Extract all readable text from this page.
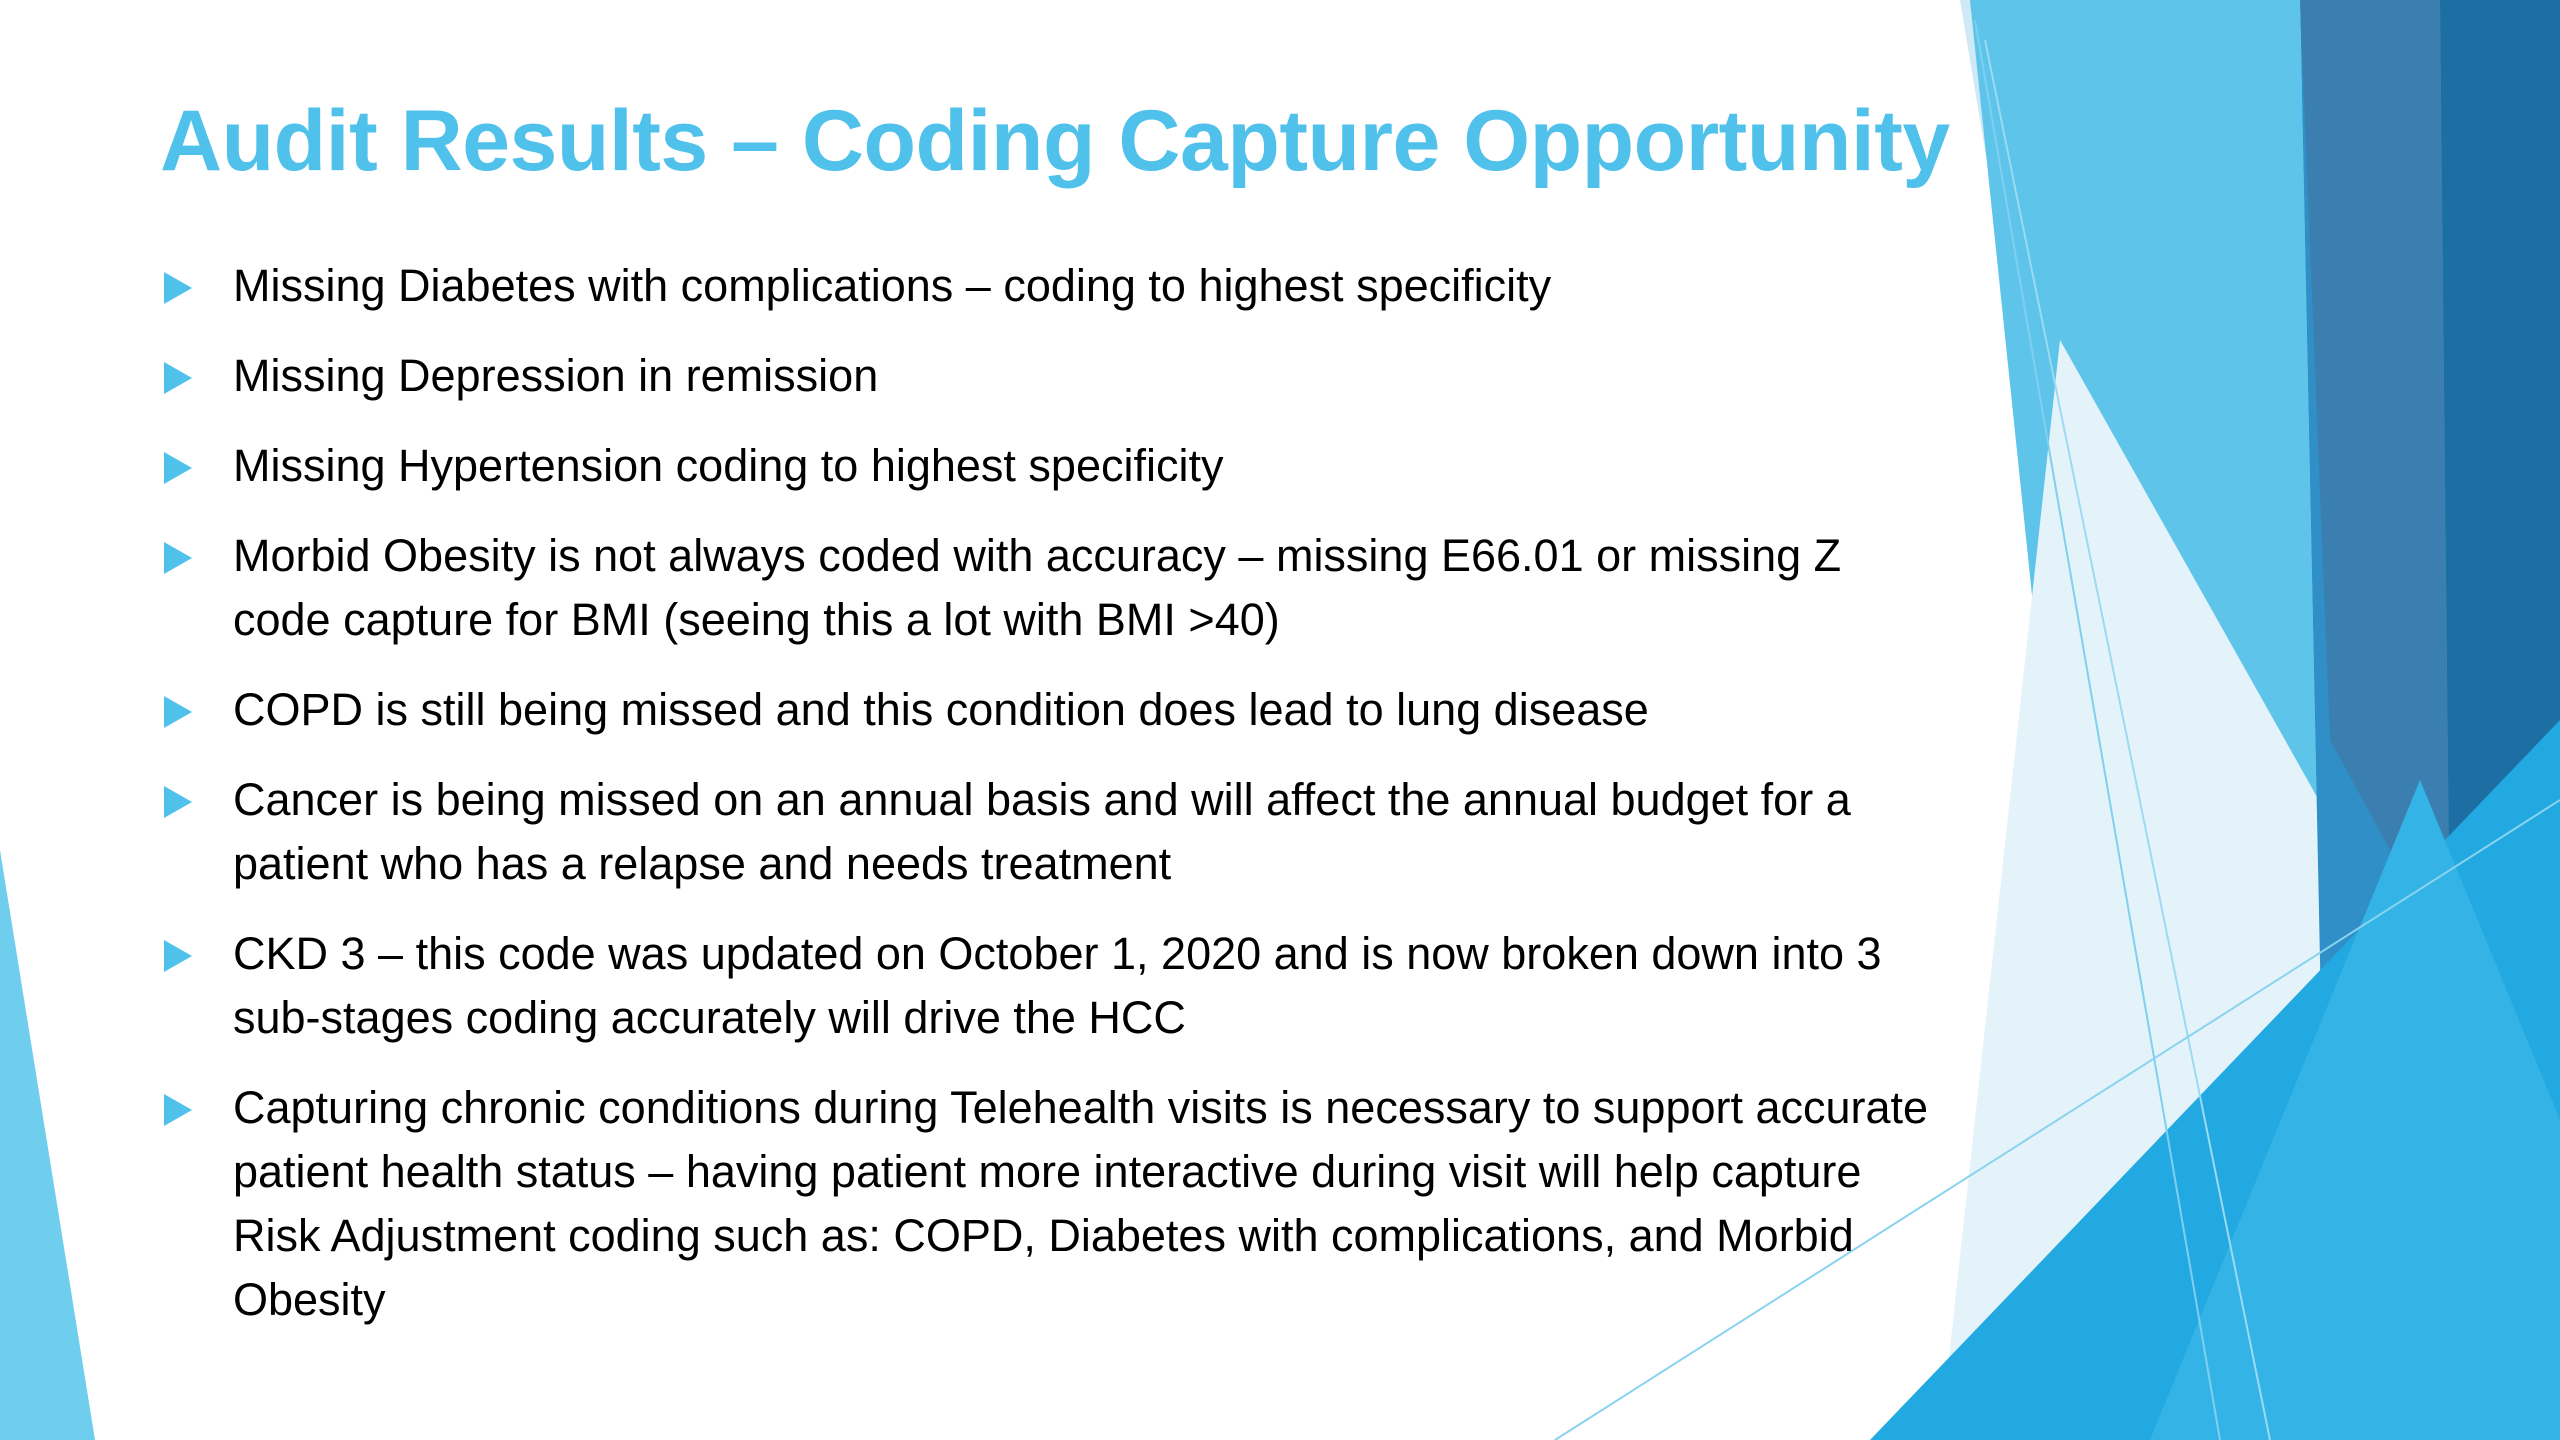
Audit Results – Coding Capture Opportunity
Missing Diabetes with complications – coding to highest specificity
Missing Depression in remission
Missing Hypertension coding to highest specificity
Morbid Obesity is not always coded with accuracy – missing E66.01 or missing Z code capture for BMI (seeing this a lot with BMI >40)
COPD is still being missed and this condition does lead to lung disease
Cancer is being missed on an annual basis and will affect the annual budget for a patient who has a relapse and needs treatment
CKD 3 – this code was updated on October 1, 2020 and is now broken down into 3 sub-stages coding accurately will drive the HCC
Capturing chronic conditions during Telehealth visits is necessary to support accurate patient health status – having patient more interactive during visit will help capture Risk Adjustment coding such as: COPD, Diabetes with complications, and Morbid Obesity
